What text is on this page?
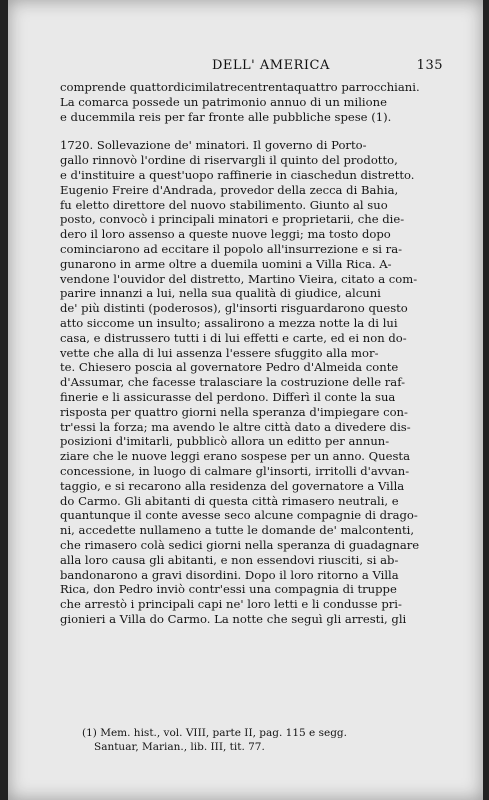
DELL' AMERICA	135
comprende quattordicimilatrecentrentaquattro parrocchiani.
La comarca possede un patrimonio annuo di un milione
e ducemmila reis per far fronte alle pubbliche spese (1).
1720. Sollevazione de' minatori. Il governo di Porto-
gallo rinnovò l'ordine di riservargli il quinto del prodotto,
e d'instituire a quest'uopo raffinerie in ciaschedun distretto.
Eugenio Freire d'Andrada, provedor della zecca di Bahia,
fu eletto direttore del nuovo stabilimento. Giunto al suo
posto, convocò i principali minatori e proprietarii, che die-
dero il loro assenso a queste nuove leggi; ma tosto dopo
cominciarono ad eccitare il popolo all'insurrezione e si ra-
gunarono in arme oltre a duemila uomini a Villa Rica. A-
vendone l'ouvidor del distretto, Martino Vieira, citato a com-
parire innanzi a lui, nella sua qualità di giudice, alcuni
de' più distinti (poderosos), gl'insorti risguardarono questo
atto siccome un insulto; assalirono a mezza notte la di lui
casa, e distrussero tutti i di lui effetti e carte, ed ei non do-
vette che alla di lui assenza l'essere sfuggito alla mor-
te. Chiesero poscia al governatore Pedro d'Almeida conte
d'Assumar, che facesse tralasciare la costruzione delle raf-
finerie e li assicurasse del perdono. Differì il conte la sua
risposta per quattro giorni nella speranza d'impiegare con-
tr'essi la forza; ma avendo le altre città dato a divedere dis-
posizioni d'imitarli, pubblicò allora un editto per annun-
ziare che le nuove leggi erano sospese per un anno. Questa
concessione, in luogo di calmare gl'insorti, irritolli d'avvan-
taggio, e si recarono alla residenza del governatore a Villa
do Carmo. Gli abitanti di questa città rimasero neutrali, e
quantunque il conte avesse seco alcune compagnie di drago-
ni, accedette nullameno a tutte le domande de' malcontenti,
che rimasero colà sedici giorni nella speranza di guadagnare
alla loro causa gli abitanti, e non essendovi riusciti, si ab-
bandonarono a gravi disordini. Dopo il loro ritorno a Villa
Rica, don Pedro inviò contr'essi una compagnia di truppe
che arrestò i principali capi ne' loro letti e li condusse pri-
gionieri a Villa do Carmo. La notte che seguì gli arresti, gli
(1) Mem. hist., vol. VIII, parte II, pag. 115 e segg.
Santuar, Marian., lib. III, tit. 77.
